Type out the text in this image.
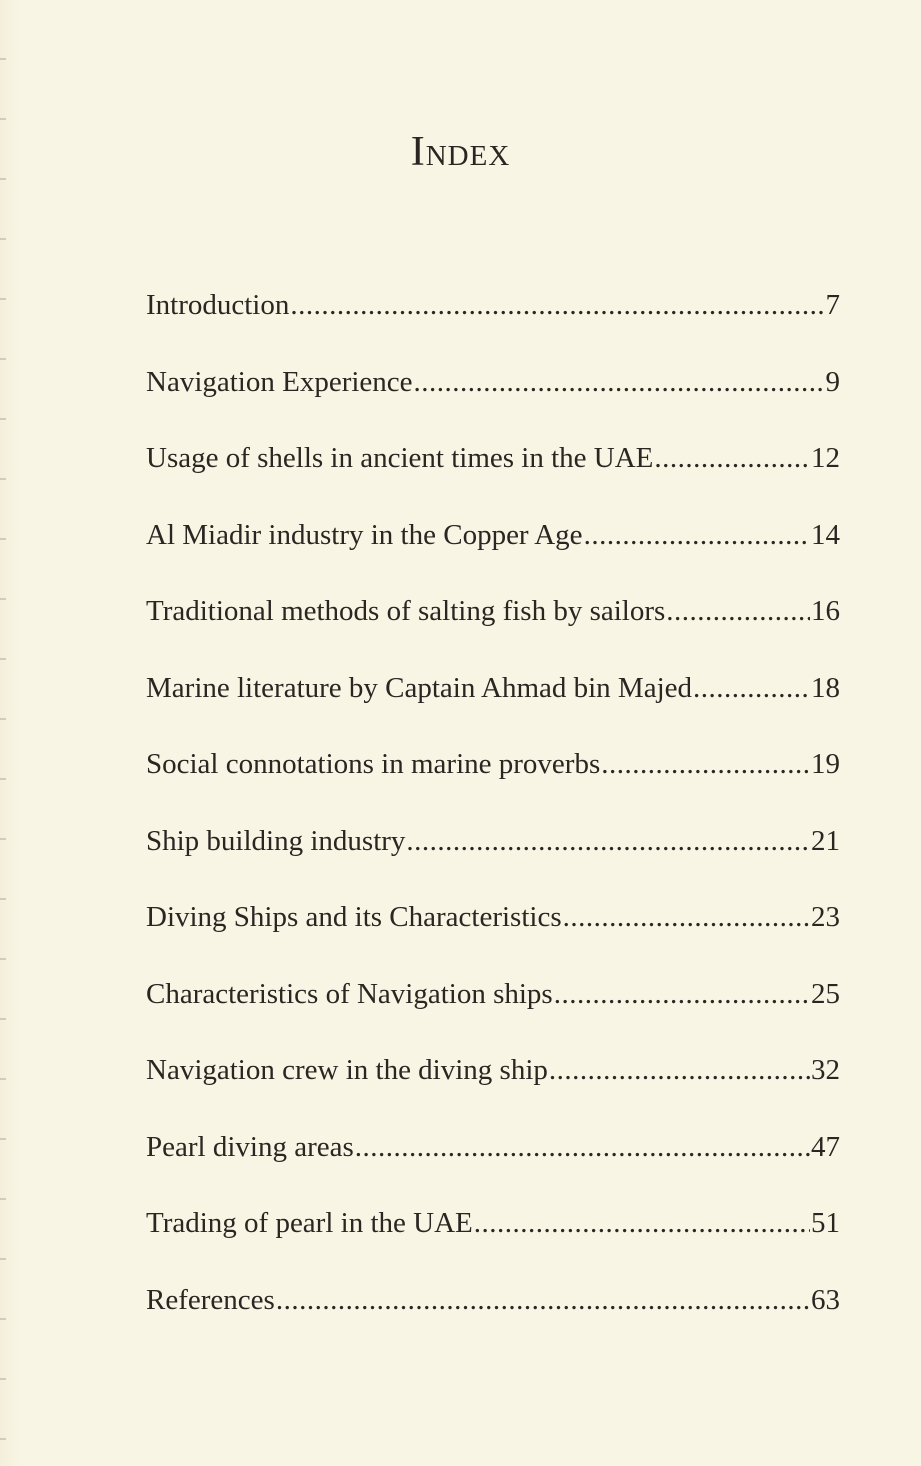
Index
Introduction .....	7
Navigation Experience .....	9
Usage of shells in ancient times in the UAE .....	12
Al Miadir industry in the Copper Age .....	14
Traditional methods of salting fish by sailors .....	16
Marine literature by Captain Ahmad bin Majed .....	18
Social connotations in marine proverbs .....	19
Ship building industry .....	21
Diving Ships and its Characteristics .....	23
Characteristics of Navigation ships .....	25
Navigation crew in the diving ship .....	32
Pearl diving areas .....	47
Trading of pearl in the UAE .....	51
References .....	63
